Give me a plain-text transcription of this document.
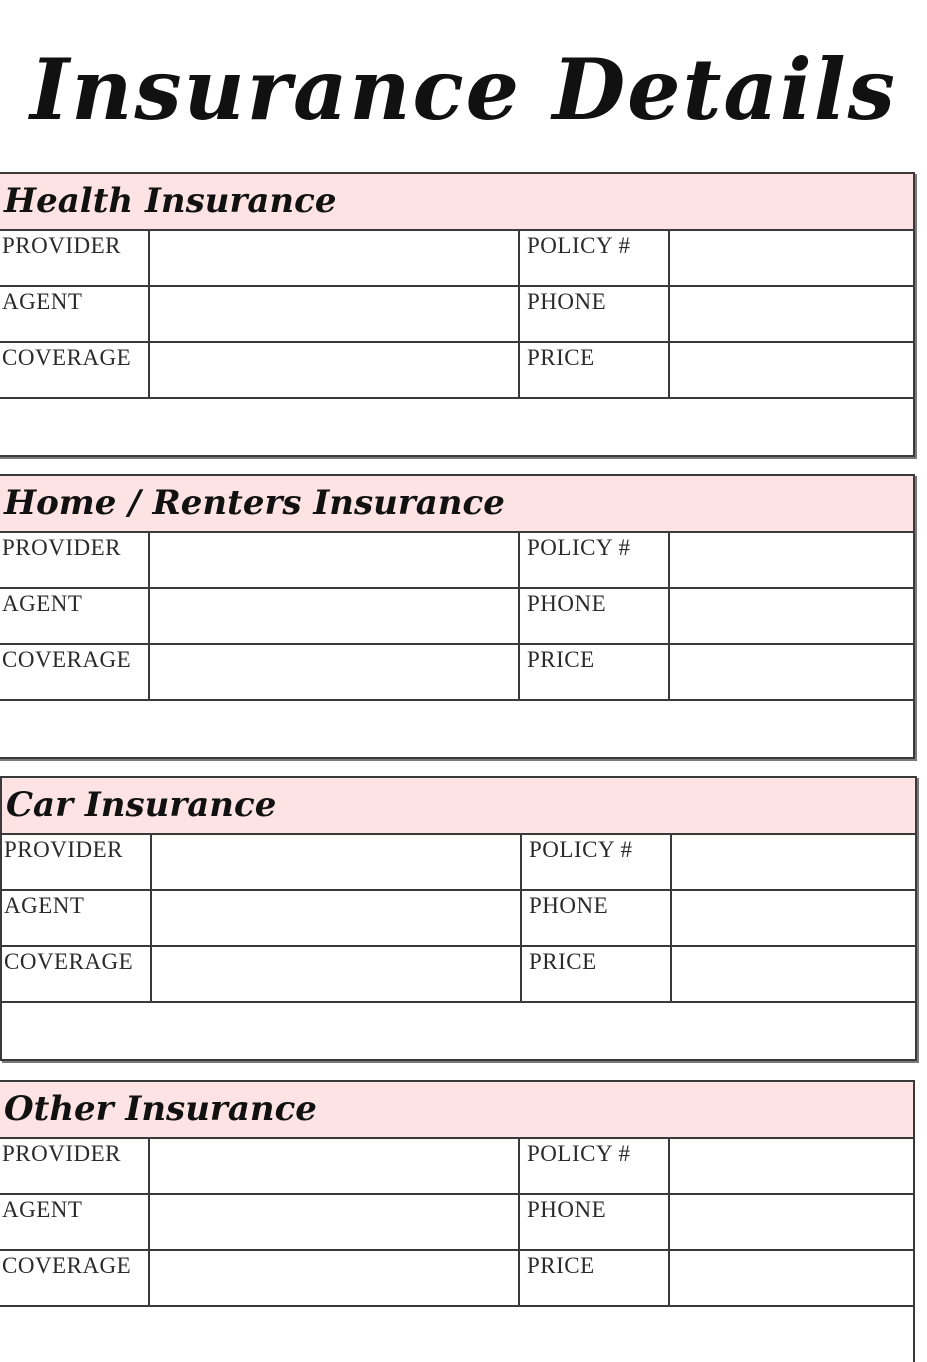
Insurance Details
Health Insurance
PROVIDER	POLICY #
AGENT	PHONE
COVERAGE	PRICE
Home / Renters Insurance
PROVIDER	POLICY #
AGENT	PHONE
COVERAGE	PRICE
Car Insurance
PROVIDER	POLICY #
AGENT	PHONE
COVERAGE	PRICE
Other Insurance
PROVIDER	POLICY #
AGENT	PHONE
COVERAGE	PRICE
